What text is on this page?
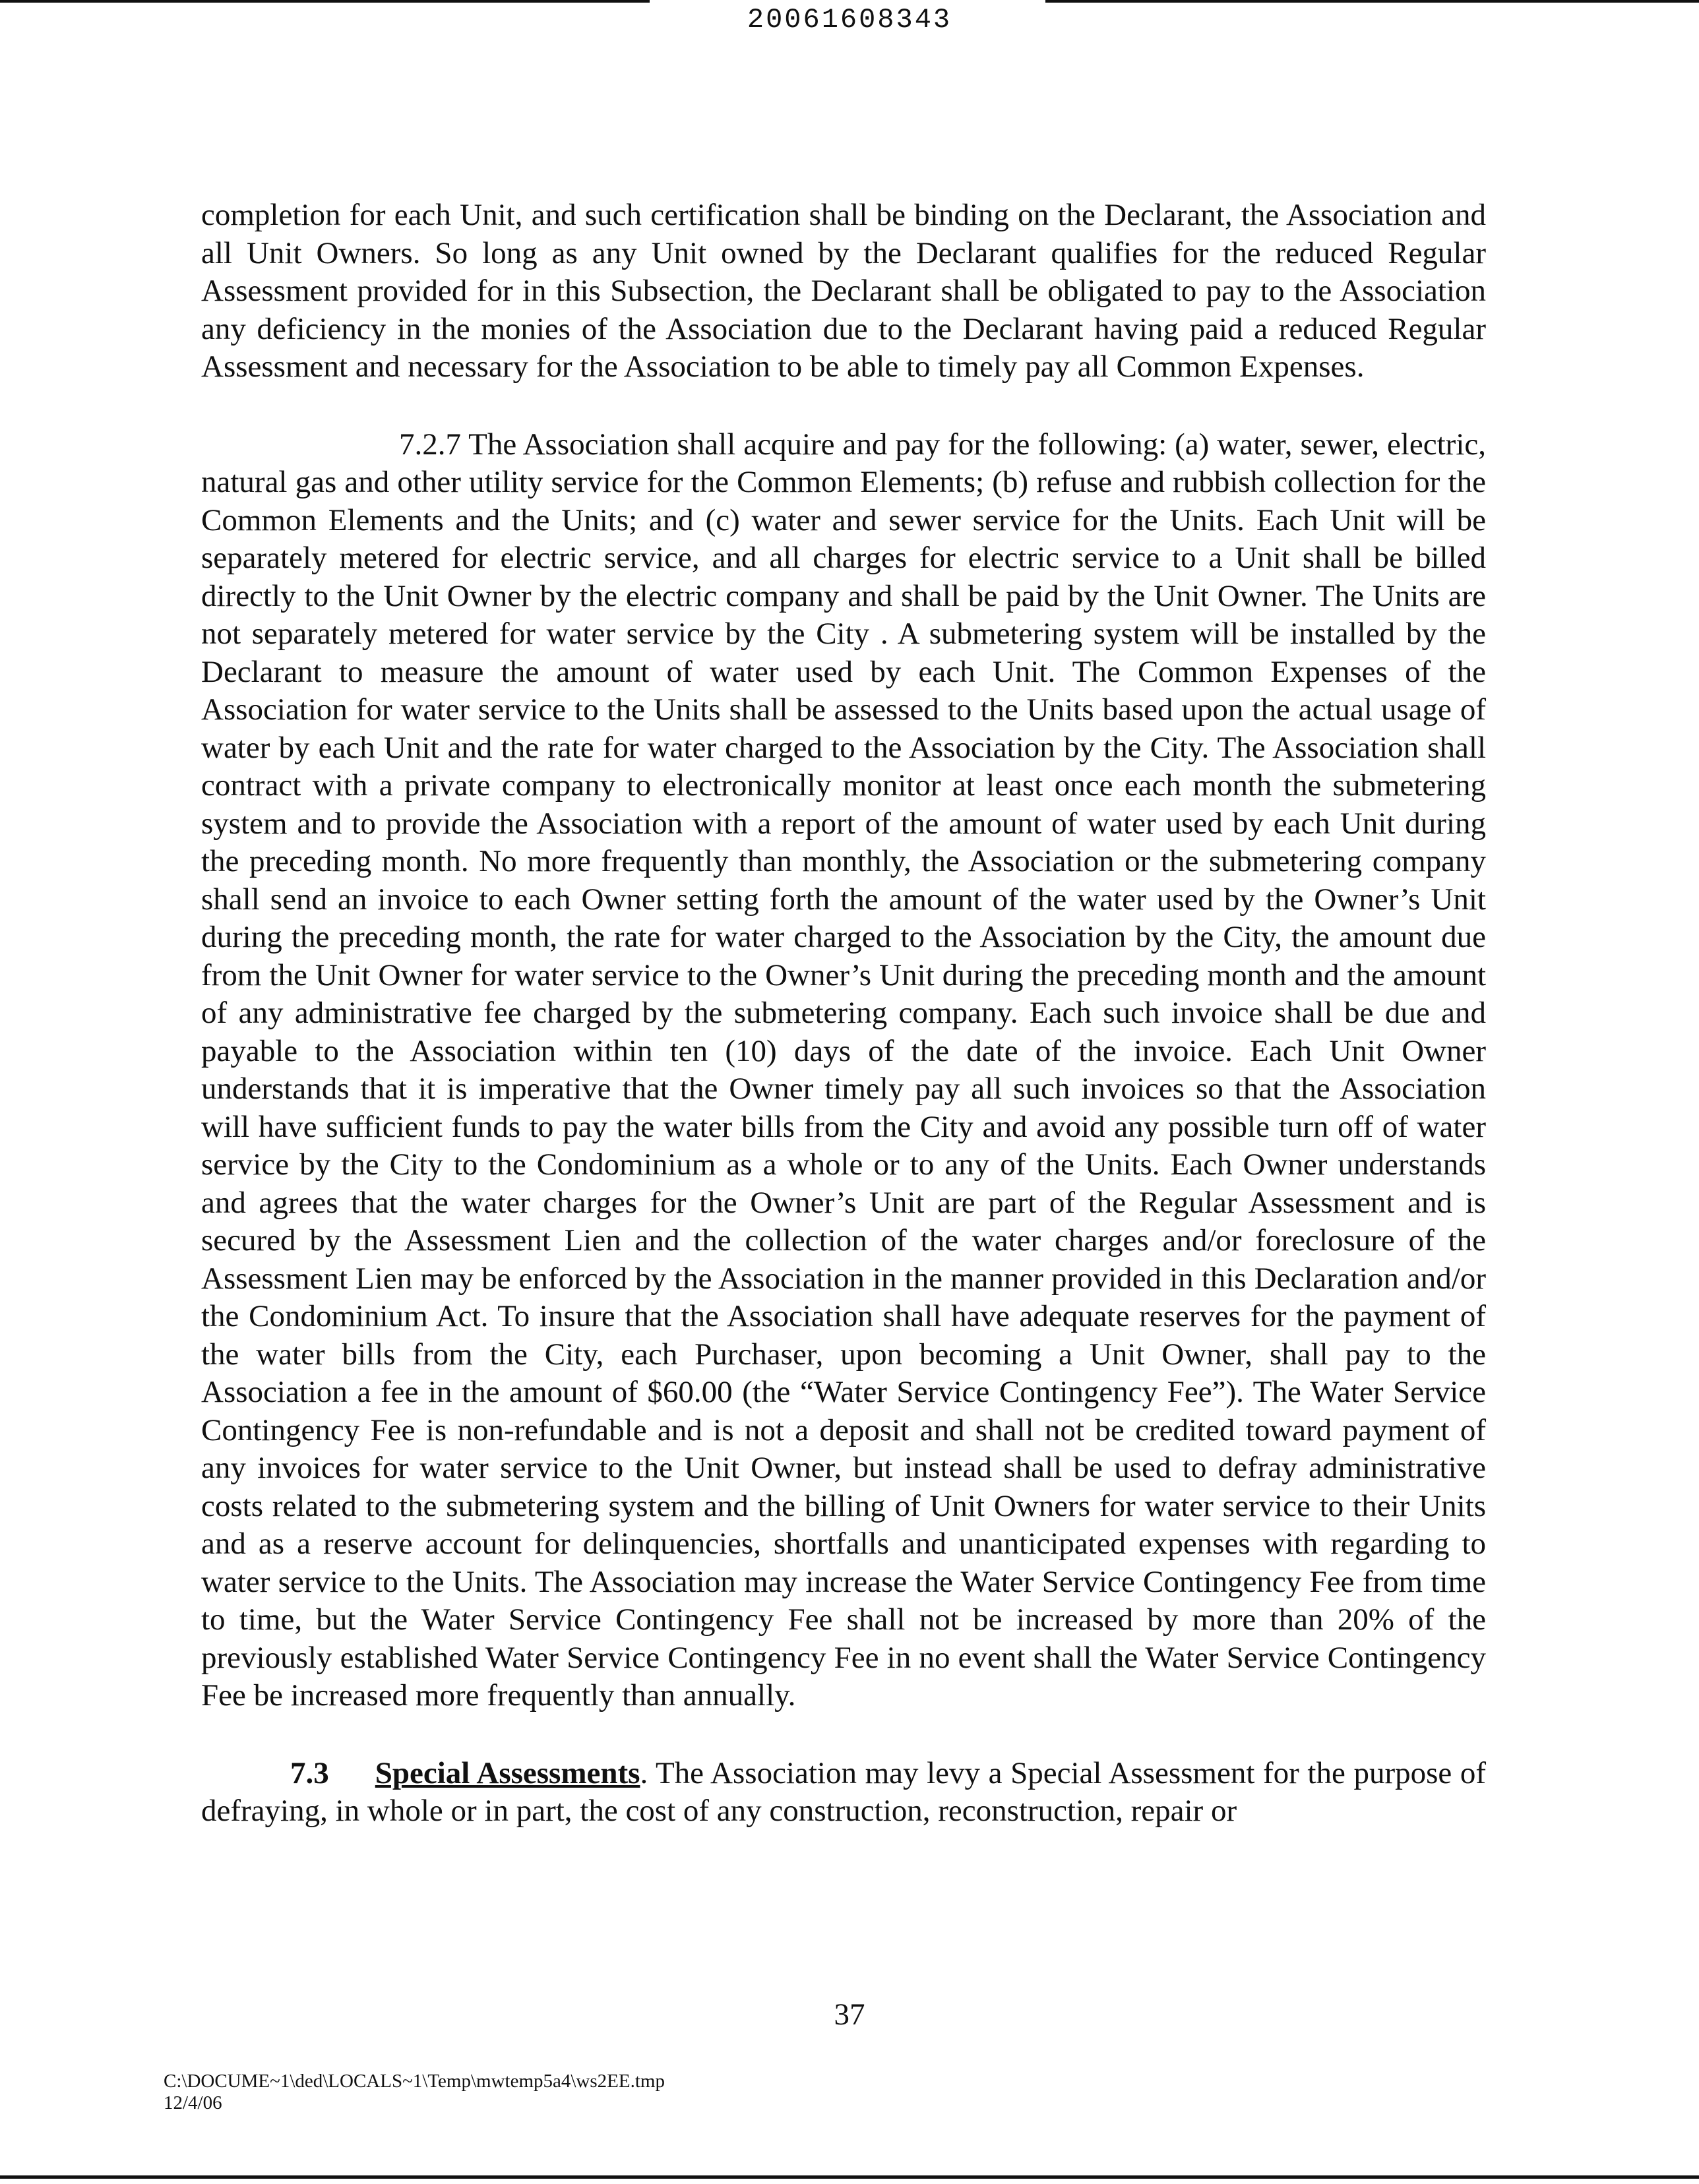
20061608343

completion for each Unit, and such certification shall be binding on the Declarant, the Association and all Unit Owners. So long as any Unit owned by the Declarant qualifies for the reduced Regular Assessment provided for in this Subsection, the Declarant shall be obligated to pay to the Association any deficiency in the monies of the Association due to the Declarant having paid a reduced Regular Assessment and necessary for the Association to be able to timely pay all Common Expenses.

7.2.7 The Association shall acquire and pay for the following: (a) water, sewer, electric, natural gas and other utility service for the Common Elements; (b) refuse and rubbish collection for the Common Elements and the Units; and (c) water and sewer service for the Units. Each Unit will be separately metered for electric service, and all charges for electric service to a Unit shall be billed directly to the Unit Owner by the electric company and shall be paid by the Unit Owner. The Units are not separately metered for water service by the City . A submetering system will be installed by the Declarant to measure the amount of water used by each Unit. The Common Expenses of the Association for water service to the Units shall be assessed to the Units based upon the actual usage of water by each Unit and the rate for water charged to the Association by the City. The Association shall contract with a private company to electronically monitor at least once each month the submetering system and to provide the Association with a report of the amount of water used by each Unit during the preceding month. No more frequently than monthly, the Association or the submetering company shall send an invoice to each Owner setting forth the amount of the water used by the Owner’s Unit during the preceding month, the rate for water charged to the Association by the City, the amount due from the Unit Owner for water service to the Owner’s Unit during the preceding month and the amount of any administrative fee charged by the submetering company. Each such invoice shall be due and payable to the Association within ten (10) days of the date of the invoice. Each Unit Owner understands that it is imperative that the Owner timely pay all such invoices so that the Association will have sufficient funds to pay the water bills from the City and avoid any possible turn off of water service by the City to the Condominium as a whole or to any of the Units. Each Owner understands and agrees that the water charges for the Owner’s Unit are part of the Regular Assessment and is secured by the Assessment Lien and the collection of the water charges and/or foreclosure of the Assessment Lien may be enforced by the Association in the manner provided in this Declaration and/or the Condominium Act. To insure that the Association shall have adequate reserves for the payment of the water bills from the City, each Purchaser, upon becoming a Unit Owner, shall pay to the Association a fee in the amount of $60.00 (the “Water Service Contingency Fee”). The Water Service Contingency Fee is non-refundable and is not a deposit and shall not be credited toward payment of any invoices for water service to the Unit Owner, but instead shall be used to defray administrative costs related to the submetering system and the billing of Unit Owners for water service to their Units and as a reserve account for delinquencies, shortfalls and unanticipated expenses with regarding to water service to the Units. The Association may increase the Water Service Contingency Fee from time to time, but the Water Service Contingency Fee shall not be increased by more than 20% of the previously established Water Service Contingency Fee in no event shall the Water Service Contingency Fee be increased more frequently than annually.

7.3 Special Assessments. The Association may levy a Special Assessment for the purpose of defraying, in whole or in part, the cost of any construction, reconstruction, repair or

37
C:\DOCUME~1\ded\LOCALS~1\Temp\mwtemp5a4\ws2EE.tmp
12/4/06
